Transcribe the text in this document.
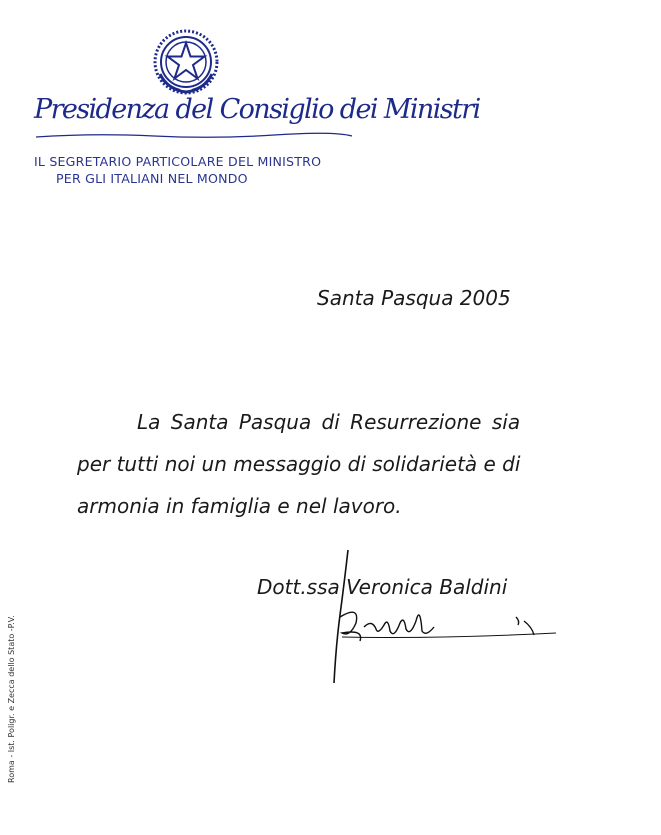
Presidenza del Consiglio dei Ministri
IL SEGRETARIO PARTICOLARE DEL MINISTRO
PER GLI ITALIANI NEL MONDO
Santa Pasqua 2005
La Santa Pasqua di Resurrezione sia
per tutti noi un messaggio di solidarietà e di
armonia in famiglia e nel lavoro.
Dott.ssa Veronica Baldini
Roma - Ist. Poligr. e Zecca dello Stato -P.V.
